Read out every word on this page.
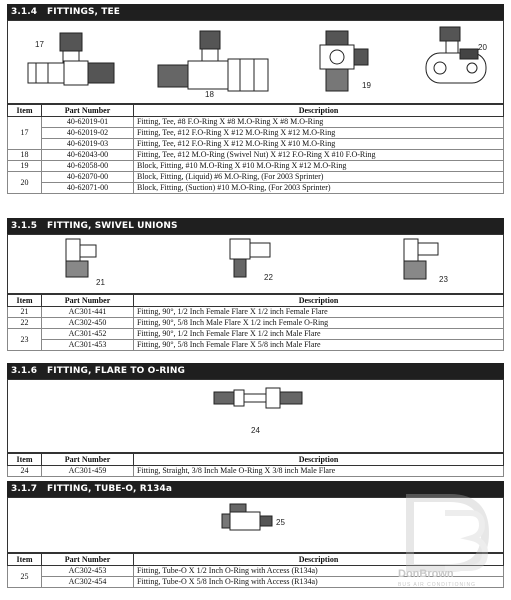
3.1.4 FITTINGS, TEE
17
18
19
20
Item	Part Number	Description
17	40-62019-01	Fitting, Tee, #8 F.O-Ring X #8 M.O-Ring X #8 M.O-Ring
	40-62019-02	Fitting, Tee, #12 F.O-Ring X #12 M.O-Ring X #12 M.O-Ring
	40-62019-03	Fitting, Tee, #12 F.O-Ring X #12 M.O-Ring X #10 M.O-Ring
18	40-62043-00	Fitting, Tee, #12 M.O-Ring (Swivel Nut) X #12 F.O-Ring X #10 F.O-Ring
19	40-62058-00	Block, Fitting, #10 M.O-Ring X #10 M.O-Ring X #12 M.O-Ring
20	40-62070-00	Block, Fitting, (Liquid) #6 M.O-Ring, (For 2003 Sprinter)
	40-62071-00	Block, Fitting, (Suction) #10 M.O-Ring, (For 2003 Sprinter)
3.1.5 FITTING, SWIVEL UNIONS
21
22	23
Item	Part Number	Description
21	AC301-441	Fitting, 90°, 1/2 Inch Female Flare X 1/2 inch Female Flare
22	AC302-450	Fitting, 90°, 5/8 Inch Male Flare X 1/2 inch Female O-Ring
23	AC301-452	Fitting, 90°, 1/2 Inch Female Flare X 1/2 inch Male Flare
	AC301-453	Fitting, 90°, 5/8 Inch Female Flare X 5/8 inch Male Flare
3.1.6 FITTING, FLARE TO O-RING
24
Item	Part Number	Description
24	AC301-459	Fitting, Straight, 3/8 Inch Male O-Ring X 3/8 inch Male Flare
3.1.7 FITTING, TUBE-O, R134a
25
Item	Part Number	Description
25	AC302-453	Fitting, Tube-O X 1/2 Inch O-Ring with Access (R134a)
	AC302-454	Fitting, Tube-O X 5/8 Inch O-Ring with Access (R134a)
DonBrown
BUS AIR CONDITIONING
